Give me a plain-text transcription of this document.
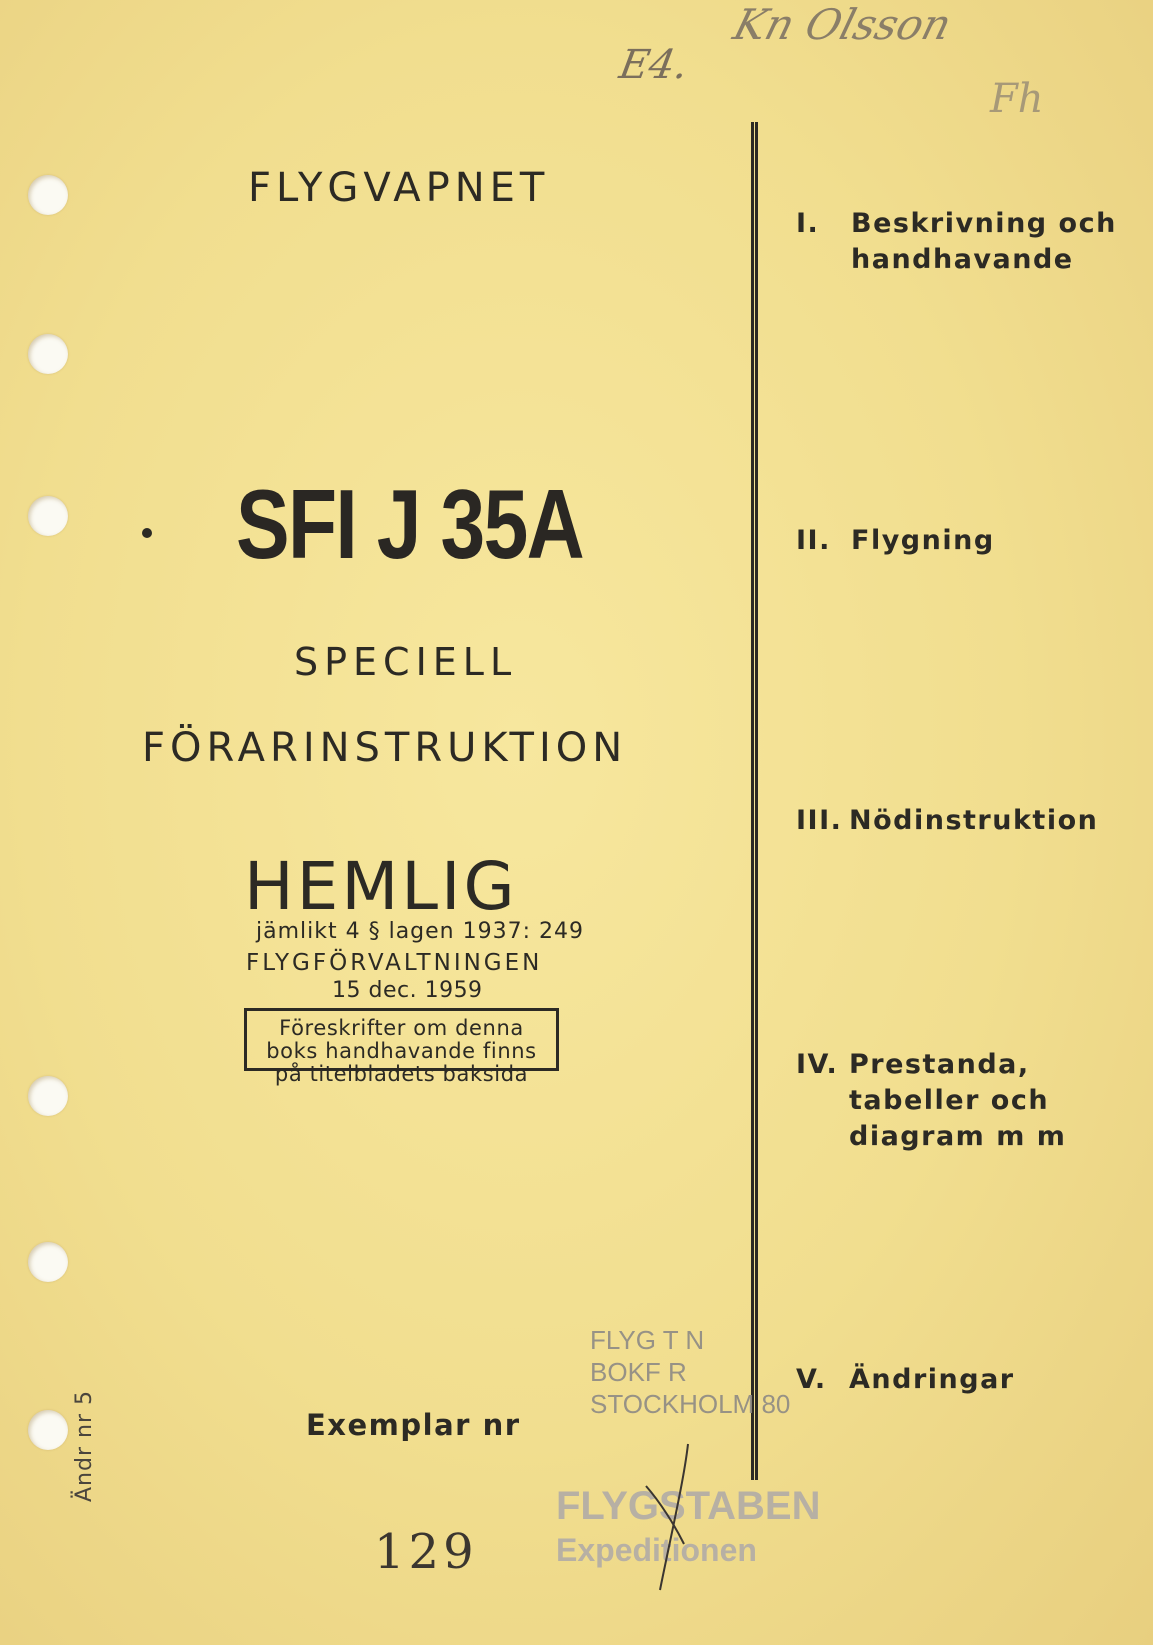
Kn Olsson
E4.
Fh
FLYGVAPNET
SFI J 35A
SPECIELL
FÖRARINSTRUKTION
HEMLIG
jämlikt 4 § lagen 1937: 249
FLYGFÖRVALTNINGEN
15 dec. 1959
Föreskrifter om denna
boks handhavande finns
på titelbladets baksida
Exemplar nr
129
Ändr nr 5
I. Beskrivning och handhavande
II. Flygning
III. Nödinstruktion
IV. Prestanda, tabeller och diagram m m
V. Ändringar
FLYG T N
BOKF R
STOCKHOLM 80
FLYGSTABEN
Expeditionen
